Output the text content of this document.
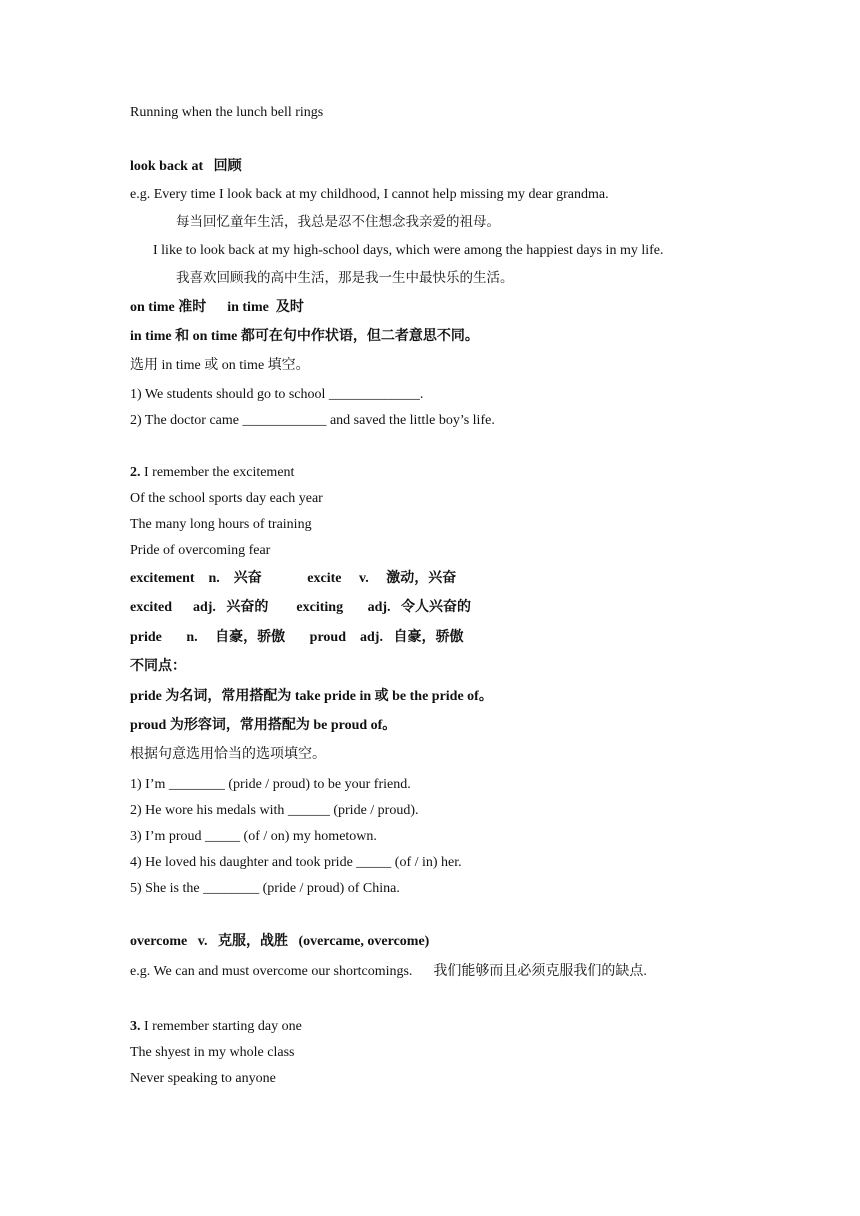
Running when the lunch bell rings
look back at   回顾
e.g. Every time I look back at my childhood, I cannot help missing my dear grandma.
每当回忆童年生活，我总是忍不住想念我亲爱的祖母。
I like to look back at my high-school days, which were among the happiest days in my life.
我喜欢回顾我的高中生活，那是我一生中最快乐的生活。
on time 准时      in time  及时
in time 和 on time 都可在句中作状语，但二者意思不同。
选用 in time 或 on time 填空。
1) We students should go to school _____________.
2) The doctor came ____________ and saved the little boy’s life.
2. I remember the excitement
Of the school sports day each year
The many long hours of training
Pride of overcoming fear
excitement    n.    兴奋             excite     v.     激动，兴奋
excited      adj.   兴奋的        exciting       adj.   令人兴奋的
pride       n.     自豪，骄傲       proud    adj.   自豪，骄傲
不同点：
pride 为名词，常用搭配为 take pride in 或 be the pride of。
proud 为形容词，常用搭配为 be proud of。
根据句意选用恰当的选项填空。
1) I’m ________ (pride / proud) to be your friend.
2) He wore his medals with ______ (pride / proud).
3) I’m proud _____ (of / on) my hometown.
4) He loved his daughter and took pride _____ (of / in) her.
5) She is the ________ (pride / proud) of China.
overcome   v.   克服，战胜   (overcame, overcome)
e.g. We can and must overcome our shortcomings.      我们能够而且必须克服我们的缺点.
3. I remember starting day one
The shyest in my whole class
Never speaking to anyone
